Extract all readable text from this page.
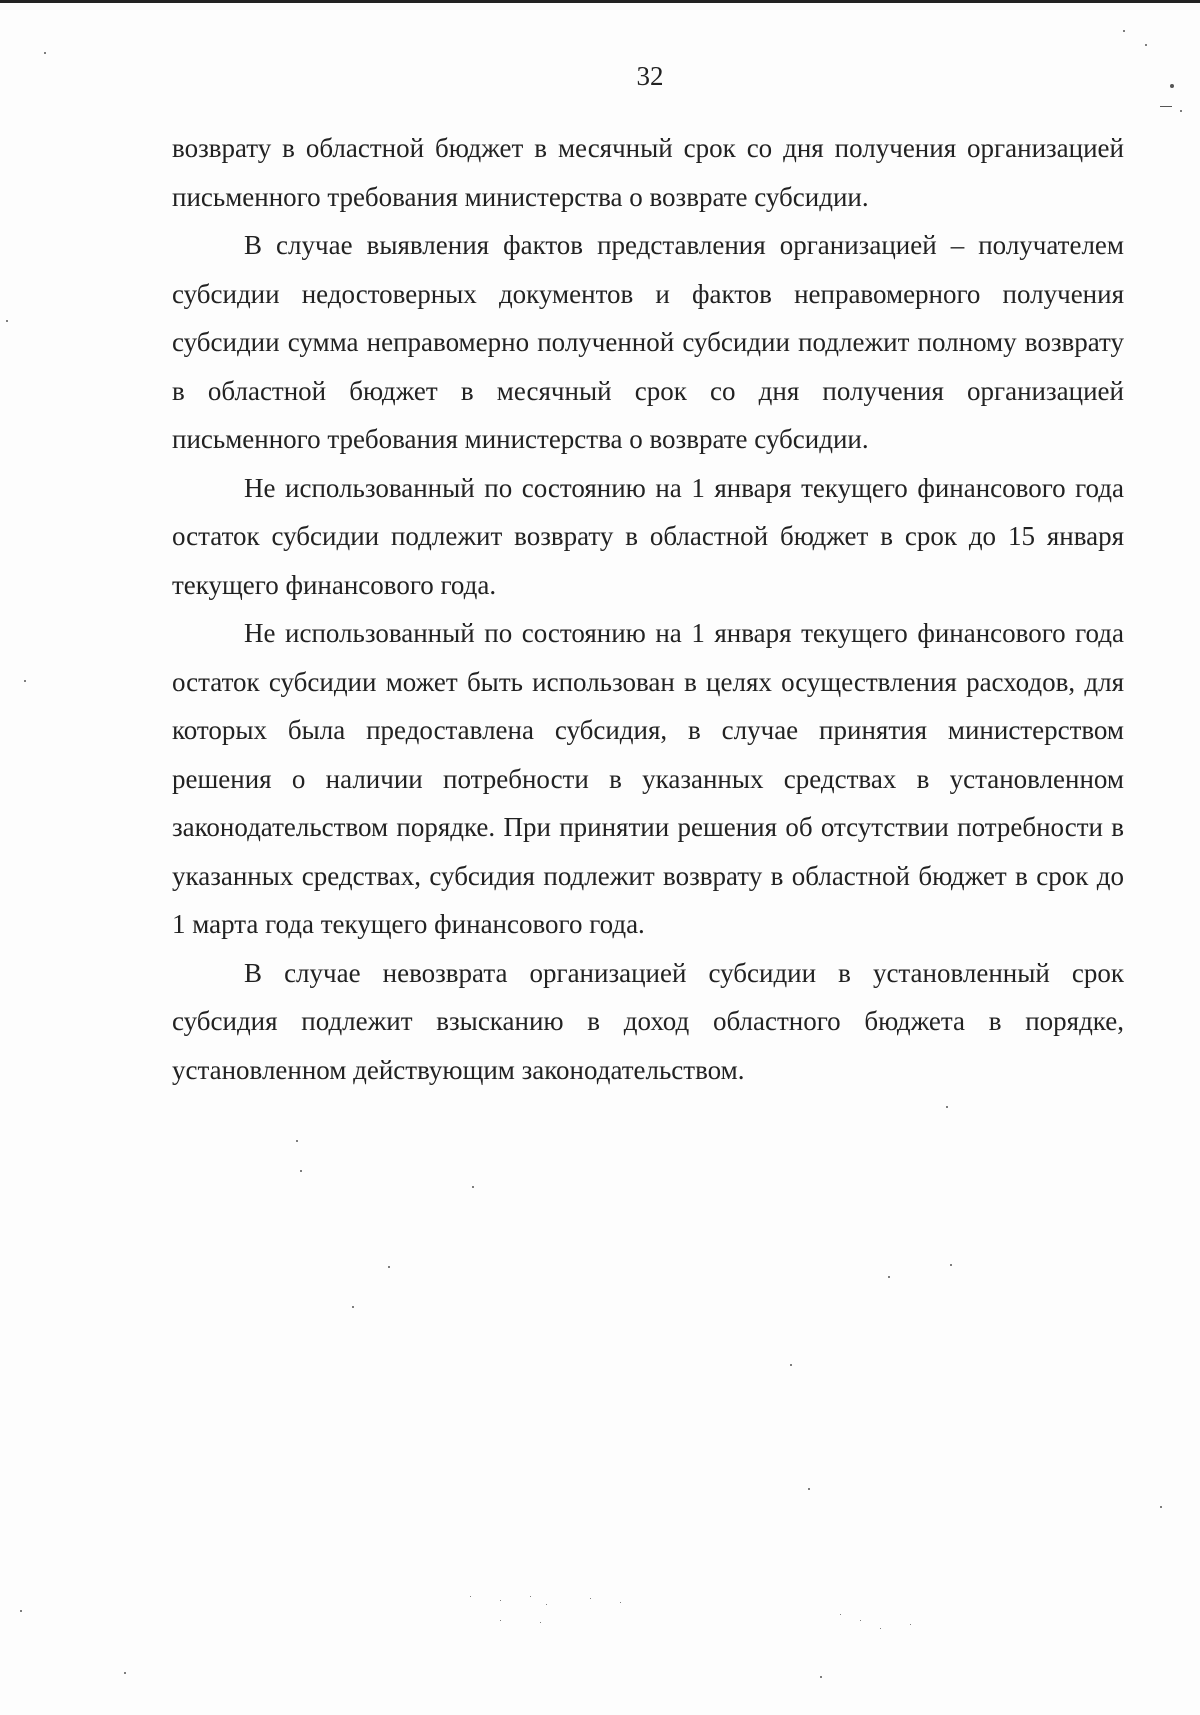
32

возврату в областной бюджет в месячный срок со дня получения организацией письменного требования министерства о возврате субсидии.

В случае выявления фактов представления организацией – получателем субсидии недостоверных документов и фактов неправомерного получения субсидии сумма неправомерно полученной субсидии подлежит полному возврату в областной бюджет в месячный срок со дня получения организацией письменного требования министерства о возврате субсидии.

Не использованный по состоянию на 1 января текущего финансового года остаток субсидии подлежит возврату в областной бюджет в срок до 15 января текущего финансового года.

Не использованный по состоянию на 1 января текущего финансового года остаток субсидии может быть использован в целях осуществления расходов, для которых была предоставлена субсидия, в случае принятия министерством решения о наличии потребности в указанных средствах в установленном законодательством порядке. При принятии решения об отсутствии потребности в указанных средствах, субсидия подлежит возврату в областной бюджет в срок до 1 марта года текущего финансового года.

В случае невозврата организацией субсидии в установленный срок субсидия подлежит взысканию в доход областного бюджета в порядке, установленном действующим законодательством.
